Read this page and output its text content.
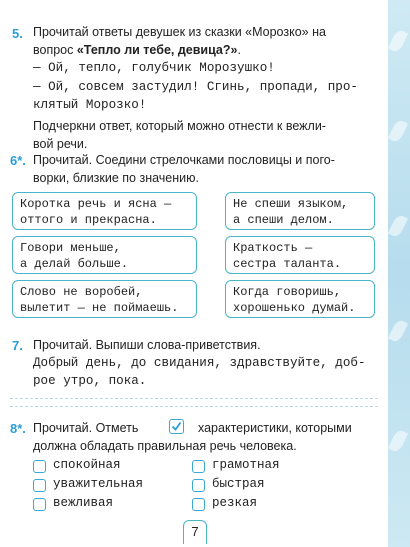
5. Прочитай ответы девушек из сказки «Морозко» на
вопрос «Тепло ли тебе, девица?».
— Ой, тепло, голубчик Морозушко!
— Ой, совсем застудил! Сгинь, пропади, про-
клятый Морозко!
Подчеркни ответ, который можно отнести к вежли-
вой речи.
6*. Прочитай. Соедини стрелочками пословицы и пого-
ворки, близкие по значению.
Коротка речь и ясна —
оттого и прекрасна.
Говори меньше,
а делай больше.
Слово не воробей,
вылетит — не поймаешь.
Не спеши языком,
а спеши делом.
Краткость —
сестра таланта.
Когда говоришь,
хорошенько думай.
7. Прочитай. Выпиши слова-приветствия.
Добрый день, до свидания, здравствуйте, доб-
рое утро, пока.
8*. Прочитай. Отметь	характеристики, которыми
должна обладать правильная речь человека.
спокойная
уважительная
вежливая
грамотная
быстрая
резкая
7
